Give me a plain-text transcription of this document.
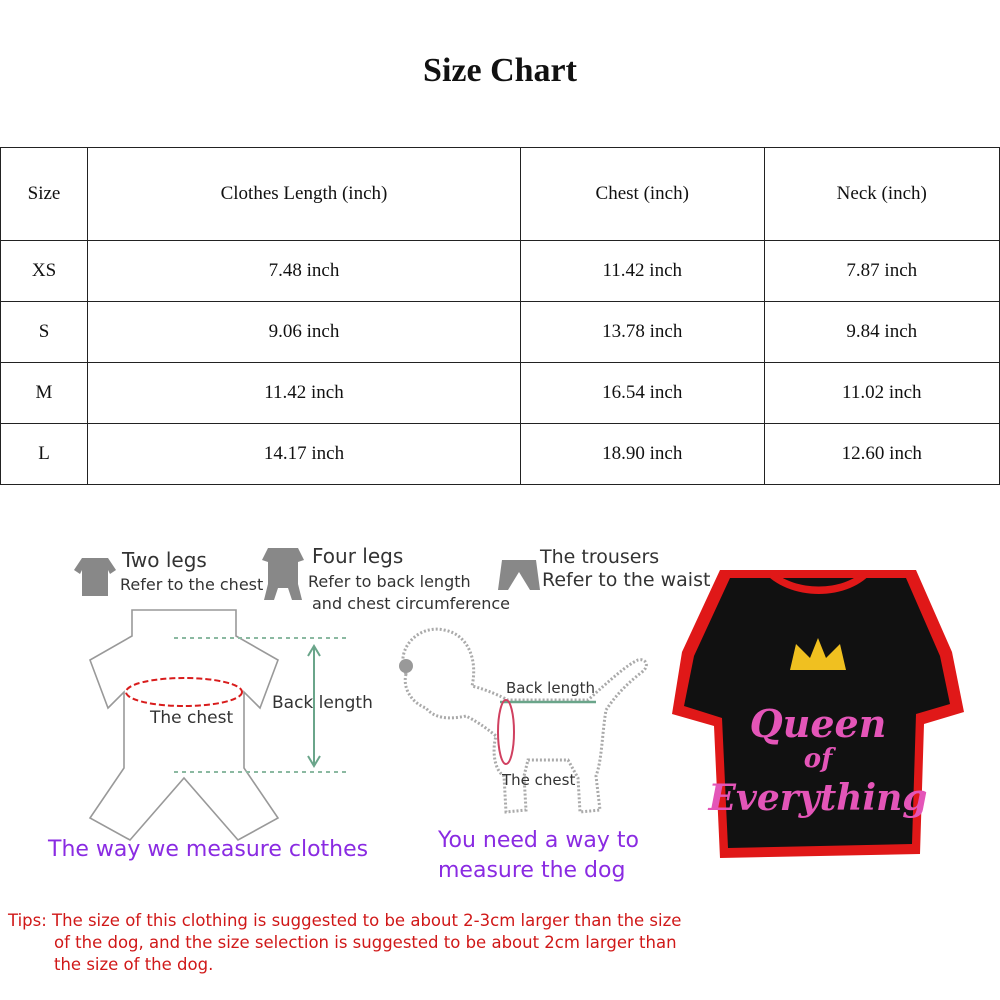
Size Chart
Size	Clothes Length (inch)	Chest (inch)	Neck (inch)
XS	7.48 inch	11.42 inch	7.87 inch
S	9.06 inch	13.78 inch	9.84 inch
M	11.42 inch	16.54 inch	11.02 inch
L	14.17 inch	18.90 inch	12.60 inch
Two legs
Refer to the chest
Four legs
Refer to back length
and chest circumference
The trousers
Refer to the waist
The chest
Back length
The way we measure clothes
Back length
The chest
You need a way to
measure the dog
Queen
of
Everything
Tips: The size of this clothing is suggested to be about 2-3cm larger than the size
of the dog, and the size selection is suggested to be about 2cm larger than
the size of the dog.
